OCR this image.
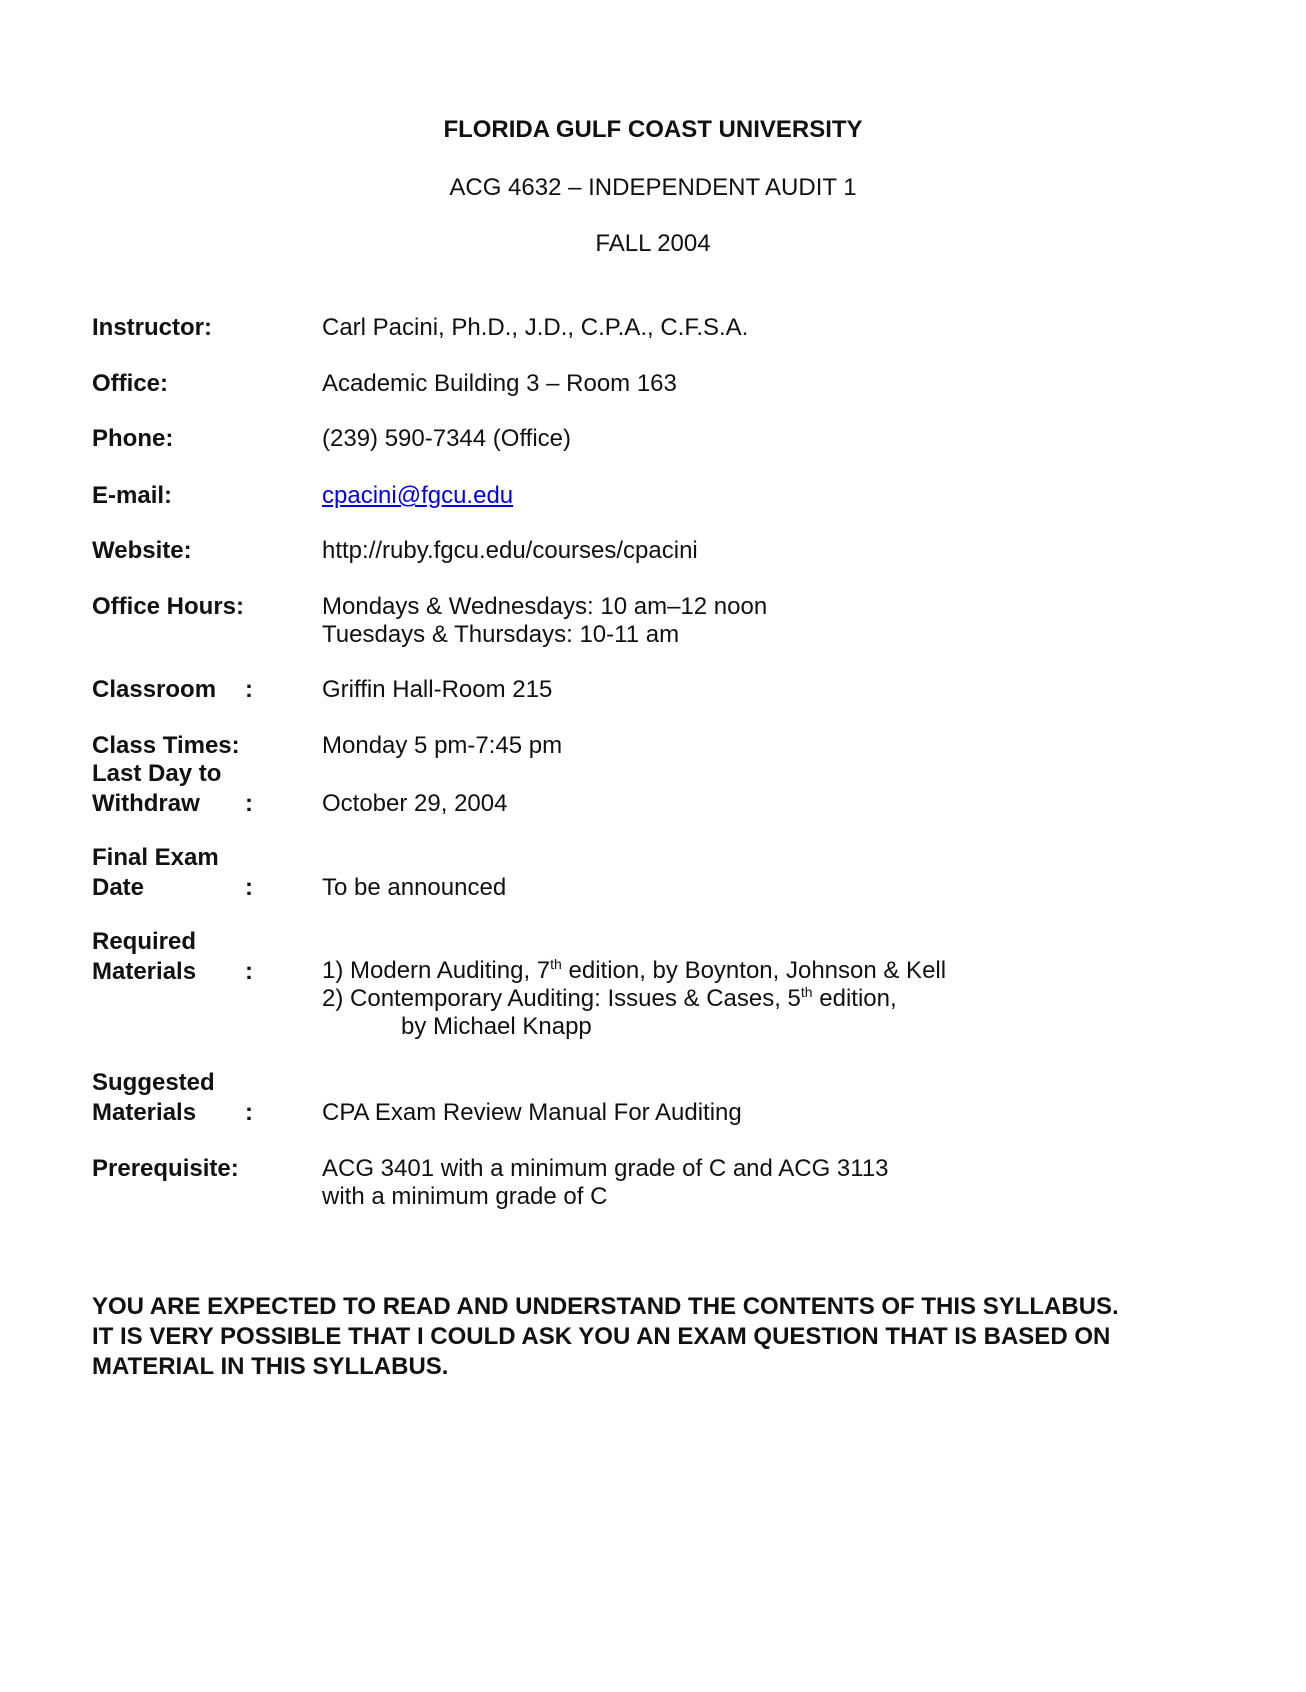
FLORIDA GULF COAST UNIVERSITY
ACG 4632 – INDEPENDENT AUDIT 1
FALL 2004
Instructor:	Carl Pacini, Ph.D., J.D., C.P.A., C.F.S.A.
Office:	Academic Building 3 – Room 163
Phone:	(239) 590-7344 (Office)
E-mail:	cpacini@fgcu.edu
Website:	http://ruby.fgcu.edu/courses/cpacini
Office Hours:	Mondays & Wednesdays: 10 am–12 noon
Tuesdays & Thursdays: 10-11 am
Classroom	:	Griffin Hall-Room 215
Class Times:	Monday 5 pm-7:45 pm
Last Day to
Withdraw	:	October 29, 2004
Final Exam
Date	:	To be announced
Required
Materials	:	1) Modern Auditing, 7th edition, by Boynton, Johnson & Kell
2) Contemporary Auditing: Issues & Cases, 5th edition,
by Michael Knapp
Suggested
Materials	:	CPA Exam Review Manual For Auditing
Prerequisite:	ACG 3401 with a minimum grade of C and ACG 3113
with a minimum grade of C
YOU ARE EXPECTED TO READ AND UNDERSTAND THE CONTENTS OF THIS SYLLABUS.
IT IS VERY POSSIBLE THAT I COULD ASK YOU AN EXAM QUESTION THAT IS BASED ON
MATERIAL IN THIS SYLLABUS.
